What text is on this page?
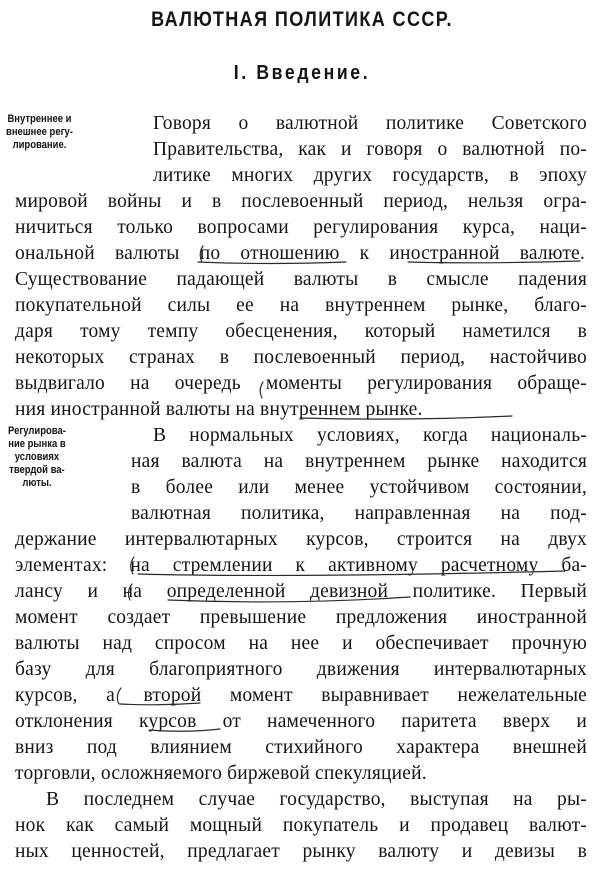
ВАЛЮТНАЯ ПОЛИТИКА СССР.
I. Введение.
Внутреннее и
внешнее регу-
лирование.
Регулирова-
ние рынка в
условиях
твердой ва-
люты.
Говоря о валютной политике Советского
Правительства, как и говоря о валютной по-
литике многих других государств, в эпоху
мировой войны и в послевоенный период, нельзя огра-
ничиться только вопросами регулирования курса, наци-
ональной валюты по отношению к иностранной валюте.
Существование падающей валюты в смысле падения
покупательной силы ее на внутреннем рынке, благо-
даря тому темпу обесценения, который наметился в
некоторых странах в послевоенный период, настойчиво
выдвигало на очередь моменты регулирования обраще-
ния иностранной валюты на внутреннем рынке.
В нормальных условиях, когда националь-
ная валюта на внутреннем рынке находится
в более или менее устойчивом состоянии,
валютная политика, направленная на под-
держание интервалютарных курсов, строится на двух
элементах: на стремлении к активному расчетному ба-
лансу и на определенной девизной политике. Первый
момент создает превышение предложения иностранной
валюты над спросом на нее и обеспечивает прочную
базу для благоприятного движения интервалютарных
курсов, а второй момент выравнивает нежелательные
отклонения курсов от намеченного паритета вверх и
вниз под влиянием стихийного характера внешней
торговли, осложняемого биржевой спекуляцией.
В последнем случае государство, выступая на ры-
нок как самый мощный покупатель и продавец валют-
ных ценностей, предлагает рынку валюту и девизы в
